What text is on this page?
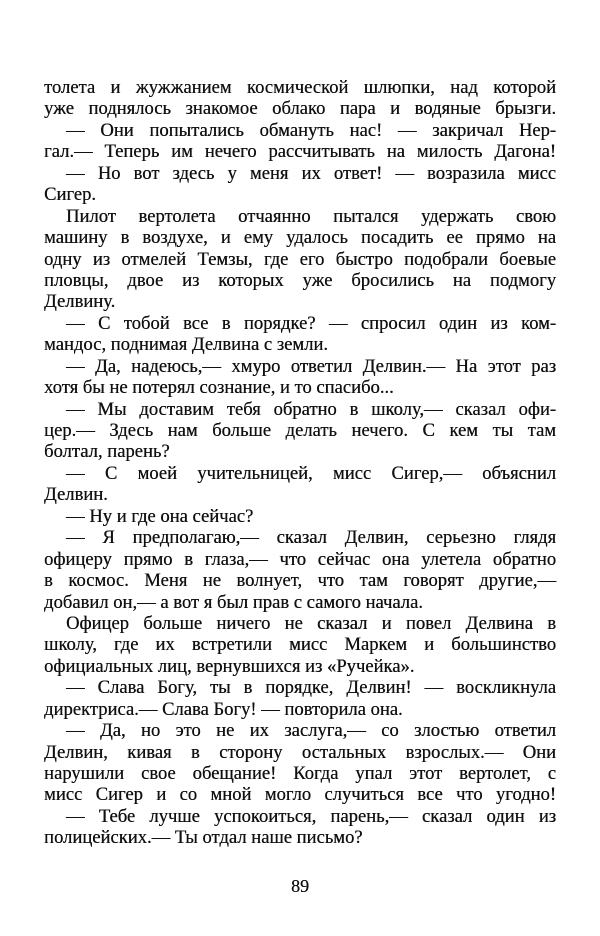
толета и жужжанием космической шлюпки, над которой
уже поднялось знакомое облако пара и водяные брызги.
— Они попытались обмануть нас! — закричал Нер-
гал.— Теперь им нечего рассчитывать на милость Дагона!
— Но вот здесь у меня их ответ! — возразила мисс
Сигер.
Пилот вертолета отчаянно пытался удержать свою
машину в воздухе, и ему удалось посадить ее прямо на
одну из отмелей Темзы, где его быстро подобрали боевые
пловцы, двое из которых уже бросились на подмогу
Делвину.
— С тобой все в порядке? — спросил один из ком-
мандос, поднимая Делвина с земли.
— Да, надеюсь,— хмуро ответил Делвин.— На этот раз
хотя бы не потерял сознание, и то спасибо...
— Мы доставим тебя обратно в школу,— сказал офи-
цер.— Здесь нам больше делать нечего. С кем ты там
болтал, парень?
— С моей учительницей, мисс Сигер,— объяснил
Делвин.
— Ну и где она сейчас?
— Я предполагаю,— сказал Делвин, серьезно глядя
офицеру прямо в глаза,— что сейчас она улетела обратно
в космос. Меня не волнует, что там говорят другие,—
добавил он,— а вот я был прав с самого начала.
Офицер больше ничего не сказал и повел Делвина в
школу, где их встретили мисс Маркем и большинство
официальных лиц, вернувшихся из «Ручейка».
— Слава Богу, ты в порядке, Делвин! — воскликнула
директриса.— Слава Богу! — повторила она.
— Да, но это не их заслуга,— со злостью ответил
Делвин, кивая в сторону остальных взрослых.— Они
нарушили свое обещание! Когда упал этот вертолет, с
мисс Сигер и со мной могло случиться все что угодно!
— Тебе лучше успокоиться, парень,— сказал один из
полицейских.— Ты отдал наше письмо?
89
